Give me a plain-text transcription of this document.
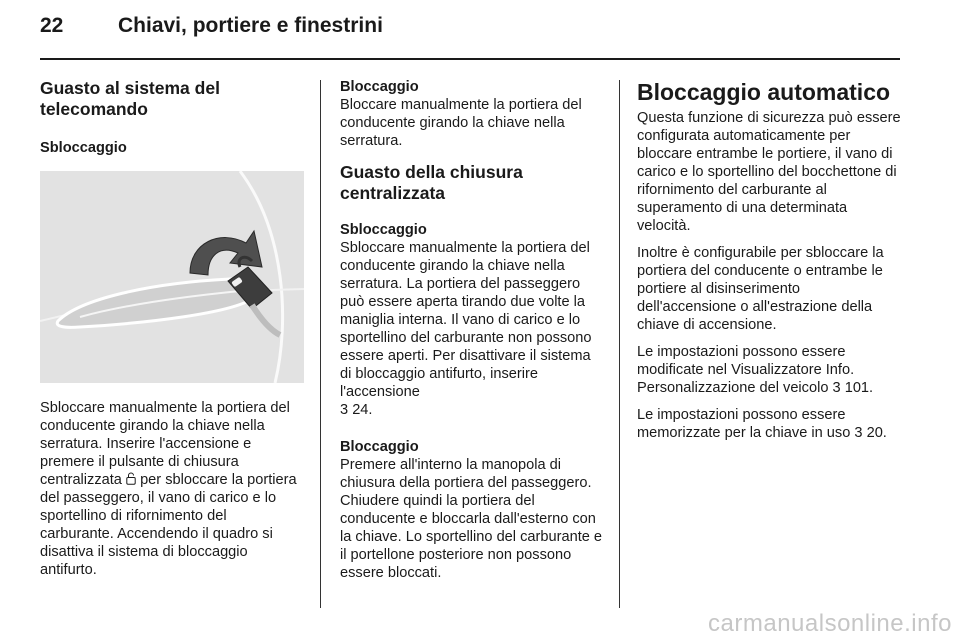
22	Chiavi, portiere e finestrini
Guasto al sistema del telecomando
Sbloccaggio

Sbloccare manualmente la portiera del conducente girando la chiave nella serratura. Inserire l'accensione e premere il pulsante di chiusura centralizzata per sbloccare la portiera del passeggero, il vano di carico e lo sportellino di rifornimento del carburante. Accendendo il quadro si disattiva il sistema di bloccaggio antifurto.

Bloccaggio

Bloccare manualmente la portiera del conducente girando la chiave nella serratura.

Guasto della chiusura centralizzata
Sbloccaggio

Sbloccare manualmente la portiera del conducente girando la chiave nella serratura. La portiera del passeggero può essere aperta tirando due volte la maniglia interna. Il vano di carico e lo sportellino del carburante non possono essere aperti. Per disattivare il sistema di bloccaggio antifurto, inserire l'accensione
3 24.

Bloccaggio

Premere all'interno la manopola di chiusura della portiera del passeggero. Chiudere quindi la portiera del conducente e bloccarla dall'esterno con la chiave. Lo sportellino del carburante e il portellone posteriore non possono essere bloccati.

Bloccaggio automatico

Questa funzione di sicurezza può essere configurata automaticamente per bloccare entrambe le portiere, il vano di carico e lo sportellino del bocchettone di rifornimento del carburante al superamento di una determinata velocità.

Inoltre è configurabile per sbloccare la portiera del conducente o entrambe le portiere al disinserimento dell'accensione o all'estrazione della chiave di accensione.

Le impostazioni possono essere modificate nel Visualizzatore Info. Personalizzazione del veicolo 3 101.

Le impostazioni possono essere memorizzate per la chiave in uso 3 20.

carmanualsonline.info
